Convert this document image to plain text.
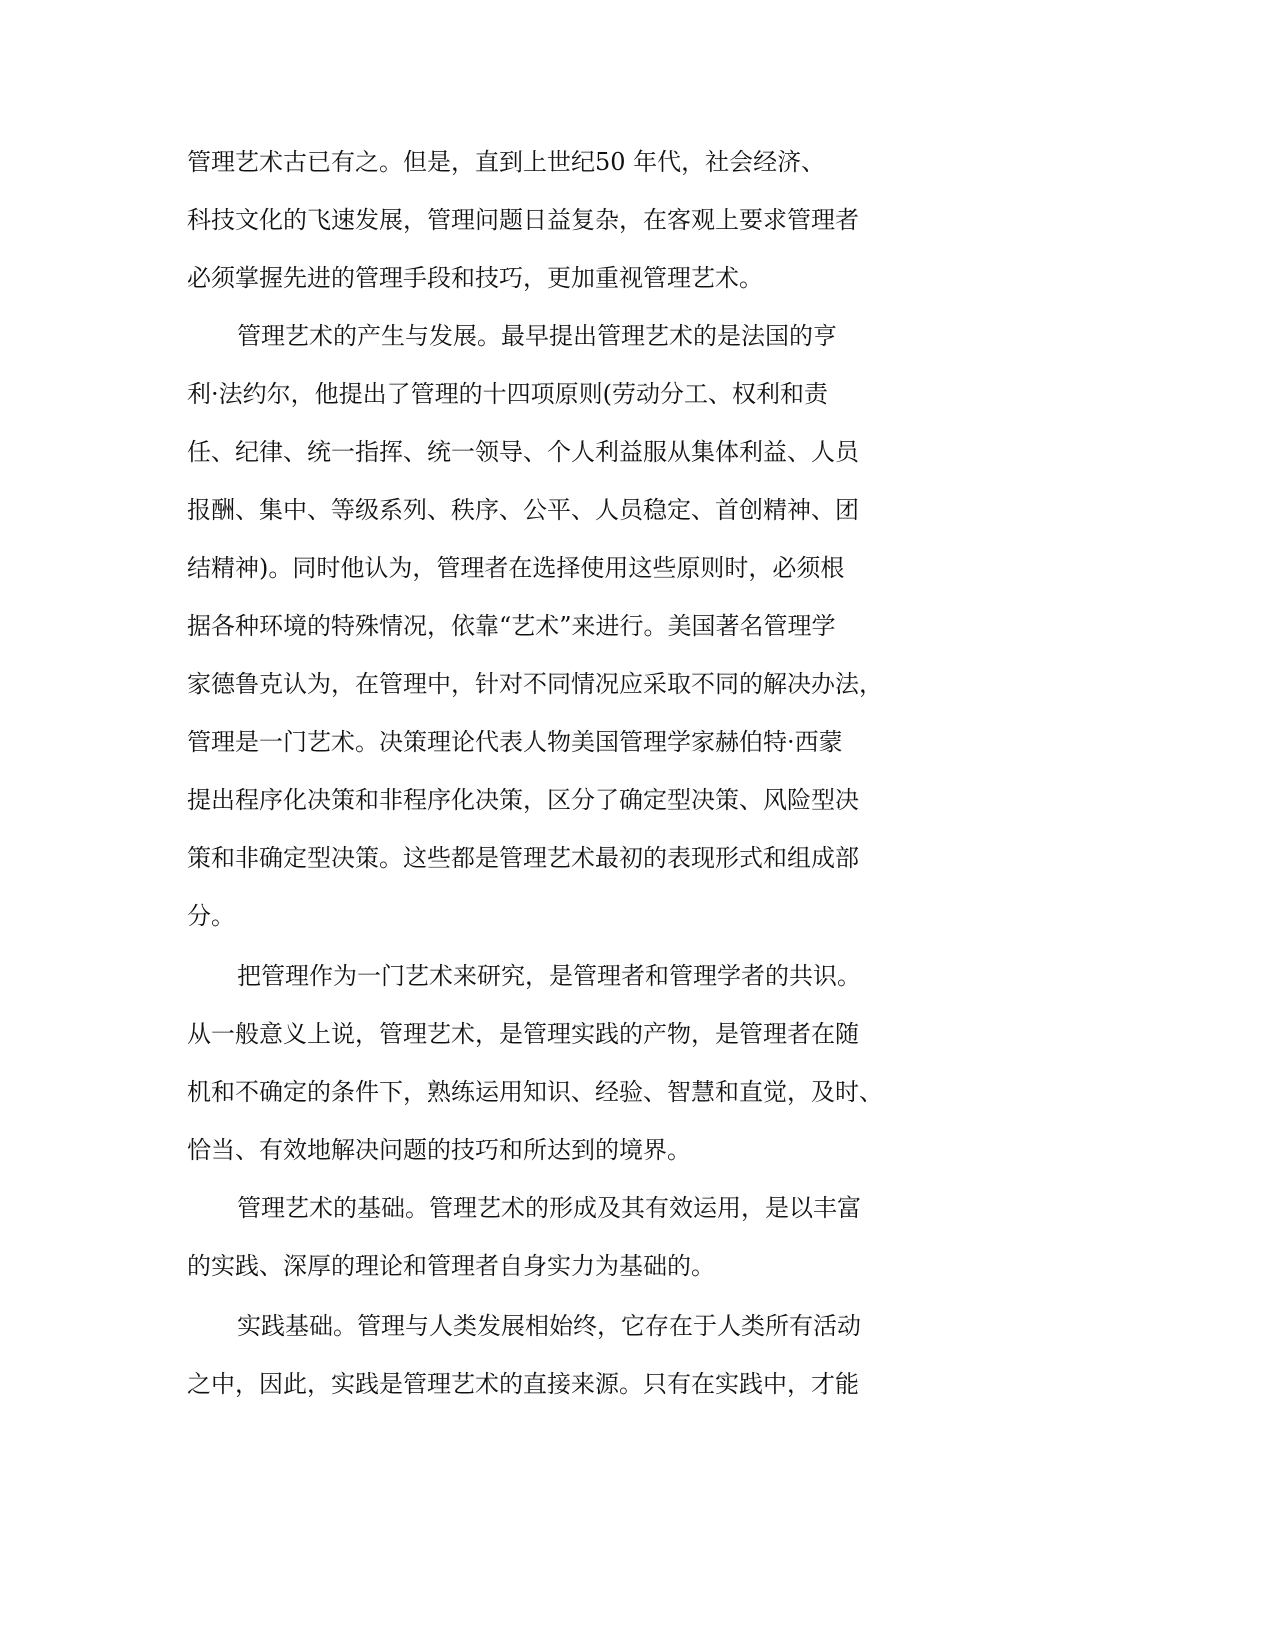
管理艺术古已有之。但是，直到上世纪50 年代，社会经济、

科技文化的飞速发展，管理问题日益复杂，在客观上要求管理者

必须掌握先进的管理手段和技巧，更加重视管理艺术。

管理艺术的产生与发展。最早提出管理艺术的是法国的亨

利·法约尔，他提出了管理的十四项原则(劳动分工、权利和责

任、纪律、统一指挥、统一领导、个人利益服从集体利益、人员

报酬、集中、等级系列、秩序、公平、人员稳定、首创精神、团

结精神)。同时他认为，管理者在选择使用这些原则时，必须根

据各种环境的特殊情况，依靠“艺术”来进行。美国著名管理学

家德鲁克认为，在管理中，针对不同情况应采取不同的解决办法，

管理是一门艺术。决策理论代表人物美国管理学家赫伯特·西蒙

提出程序化决策和非程序化决策，区分了确定型决策、风险型决

策和非确定型决策。这些都是管理艺术最初的表现形式和组成部

分。

把管理作为一门艺术来研究，是管理者和管理学者的共识。

从一般意义上说，管理艺术，是管理实践的产物，是管理者在随

机和不确定的条件下，熟练运用知识、经验、智慧和直觉，及时、

恰当、有效地解决问题的技巧和所达到的境界。

管理艺术的基础。管理艺术的形成及其有效运用，是以丰富

的实践、深厚的理论和管理者自身实力为基础的。

实践基础。管理与人类发展相始终，它存在于人类所有活动

之中，因此，实践是管理艺术的直接来源。只有在实践中，才能
